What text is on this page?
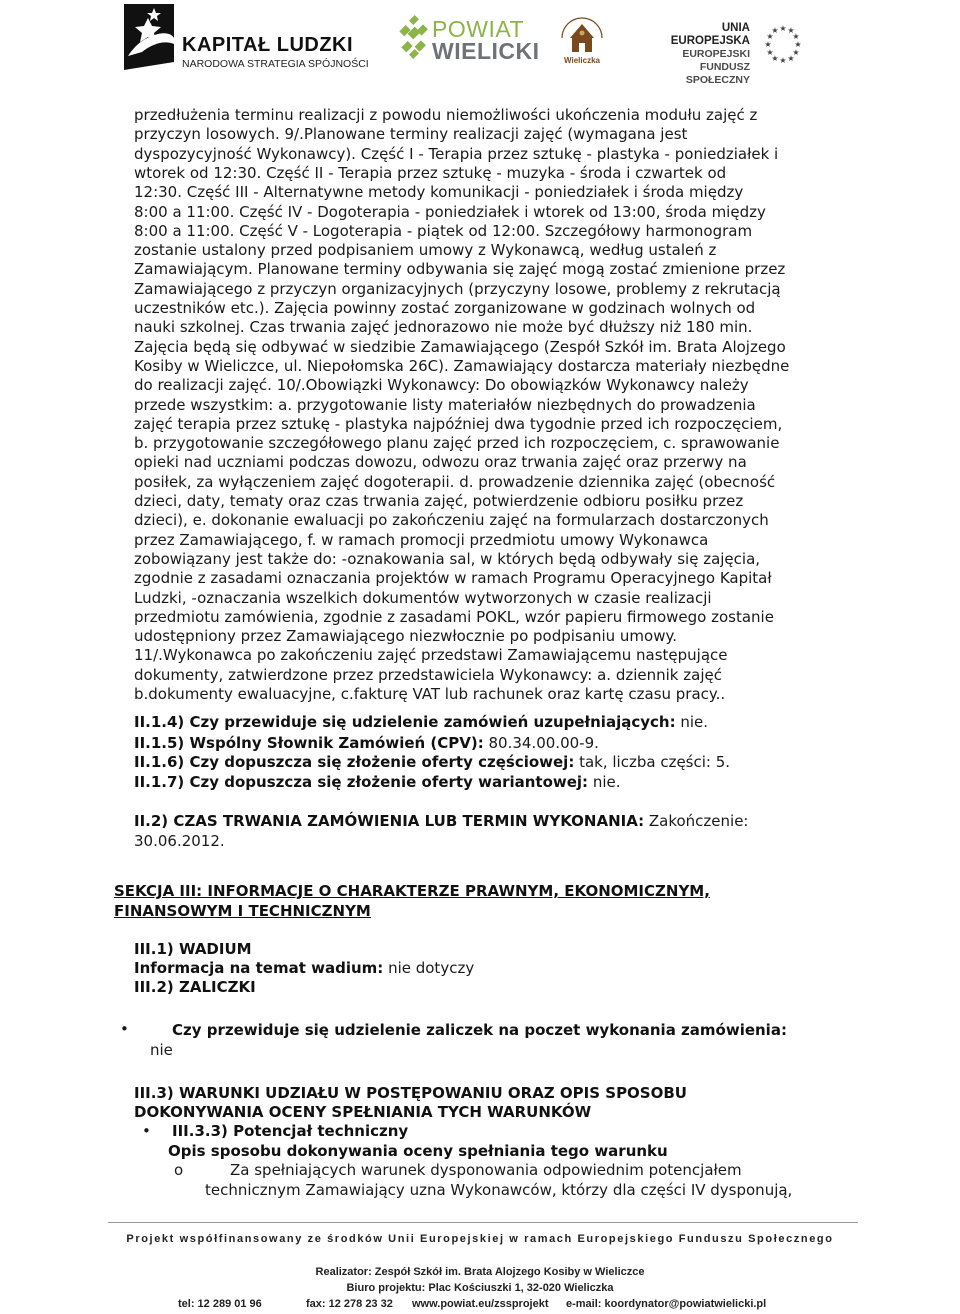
KAPITAŁ LUDZKI
NARODOWA STRATEGIA SPÓJNOŚCI
POWIAT
WIELICKI	Wieliczka
UNIA EUROPEJSKA
EUROPEJSKI
FUNDUSZ SPOŁECZNY
★ ★
★
★
★
★
★
★
★
★
★
★
przedłużenia terminu realizacji z powodu niemożliwości ukończenia modułu zajęć z
przyczyn losowych. 9/.Planowane terminy realizacji zajęć (wymagana jest
dyspozycyjność Wykonawcy). Część I - Terapia przez sztukę - plastyka - poniedziałek i
wtorek od 12:30. Część II - Terapia przez sztukę - muzyka - środa i czwartek od
12:30. Część III - Alternatywne metody komunikacji - poniedziałek i środa między
8:00 a 11:00. Część IV - Dogoterapia - poniedziałek i wtorek od 13:00, środa między
8:00 a 11:00. Część V - Logoterapia - piątek od 12:00. Szczegółowy harmonogram
zostanie ustalony przed podpisaniem umowy z Wykonawcą, według ustaleń z
Zamawiającym. Planowane terminy odbywania się zajęć mogą zostać zmienione przez
Zamawiającego z przyczyn organizacyjnych (przyczyny losowe, problemy z rekrutacją
uczestników etc.). Zajęcia powinny zostać zorganizowane w godzinach wolnych od
nauki szkolnej. Czas trwania zajęć jednorazowo nie może być dłuższy niż 180 min.
Zajęcia będą się odbywać w siedzibie Zamawiającego (Zespół Szkół im. Brata Alojzego
Kosiby w Wieliczce, ul. Niepołomska 26C). Zamawiający dostarcza materiały niezbędne
do realizacji zajęć. 10/.Obowiązki Wykonawcy: Do obowiązków Wykonawcy należy
przede wszystkim: a. przygotowanie listy materiałów niezbędnych do prowadzenia
zajęć terapia przez sztukę - plastyka najpóźniej dwa tygodnie przed ich rozpoczęciem,
b. przygotowanie szczegółowego planu zajęć przed ich rozpoczęciem, c. sprawowanie
opieki nad uczniami podczas dowozu, odwozu oraz trwania zajęć oraz przerwy na
posiłek, za wyłączeniem zajęć dogoterapii. d. prowadzenie dziennika zajęć (obecność
dzieci, daty, tematy oraz czas trwania zajęć, potwierdzenie odbioru posiłku przez
dzieci), e. dokonanie ewaluacji po zakończeniu zajęć na formularzach dostarczonych
przez Zamawiającego, f. w ramach promocji przedmiotu umowy Wykonawca
zobowiązany jest także do: -oznakowania sal, w których będą odbywały się zajęcia,
zgodnie z zasadami oznaczania projektów w ramach Programu Operacyjnego Kapitał
Ludzki, -oznaczania wszelkich dokumentów wytworzonych w czasie realizacji
przedmiotu zamówienia, zgodnie z zasadami POKL, wzór papieru firmowego zostanie
udostępniony przez Zamawiającego niezwłocznie po podpisaniu umowy.
11/.Wykonawca po zakończeniu zajęć przedstawi Zamawiającemu następujące
dokumenty, zatwierdzone przez przedstawiciela Wykonawcy: a. dziennik zajęć
b.dokumenty ewaluacyjne, c.fakturę VAT lub rachunek oraz kartę czasu pracy..
II.1.4) Czy przewiduje się udzielenie zamówień uzupełniających: nie.
II.1.5) Wspólny Słownik Zamówień (CPV): 80.34.00.00-9.
II.1.6) Czy dopuszcza się złożenie oferty częściowej: tak, liczba części: 5.
II.1.7) Czy dopuszcza się złożenie oferty wariantowej: nie.
II.2) CZAS TRWANIA ZAMÓWIENIA LUB TERMIN WYKONANIA: Zakończenie:
30.06.2012.
SEKCJA III: INFORMACJE O CHARAKTERZE PRAWNYM, EKONOMICZNYM,
FINANSOWYM I TECHNICZNYM
III.1) WADIUM
Informacja na temat wadium: nie dotyczy
III.2) ZALICZKI
•	Czy przewiduje się udzielenie zaliczek na poczet wykonania zamówienia:
nie
III.3) WARUNKI UDZIAŁU W POSTĘPOWANIU ORAZ OPIS SPOSOBU
DOKONYWANIA OCENY SPEŁNIANIA TYCH WARUNKÓW
• III.3.3) Potencjał techniczny
Opis sposobu dokonywania oceny spełniania tego warunku
o	Za spełniających warunek dysponowania odpowiednim potencjałem
technicznym Zamawiający uzna Wykonawców, którzy dla części IV dysponują,
Projekt współfinansowany ze środków Unii Europejskiej w ramach Europejskiego Funduszu Społecznego
Realizator: Zespół Szkół im. Brata Alojzego Kosiby w Wieliczce
Biuro projektu: Plac Kościuszki 1, 32-020 Wieliczka
tel: 12 289 01 96	fax: 12 278 23 32 www.powiat.eu/zssprojekt e-mail: koordynator@powiatwielicki.pl
